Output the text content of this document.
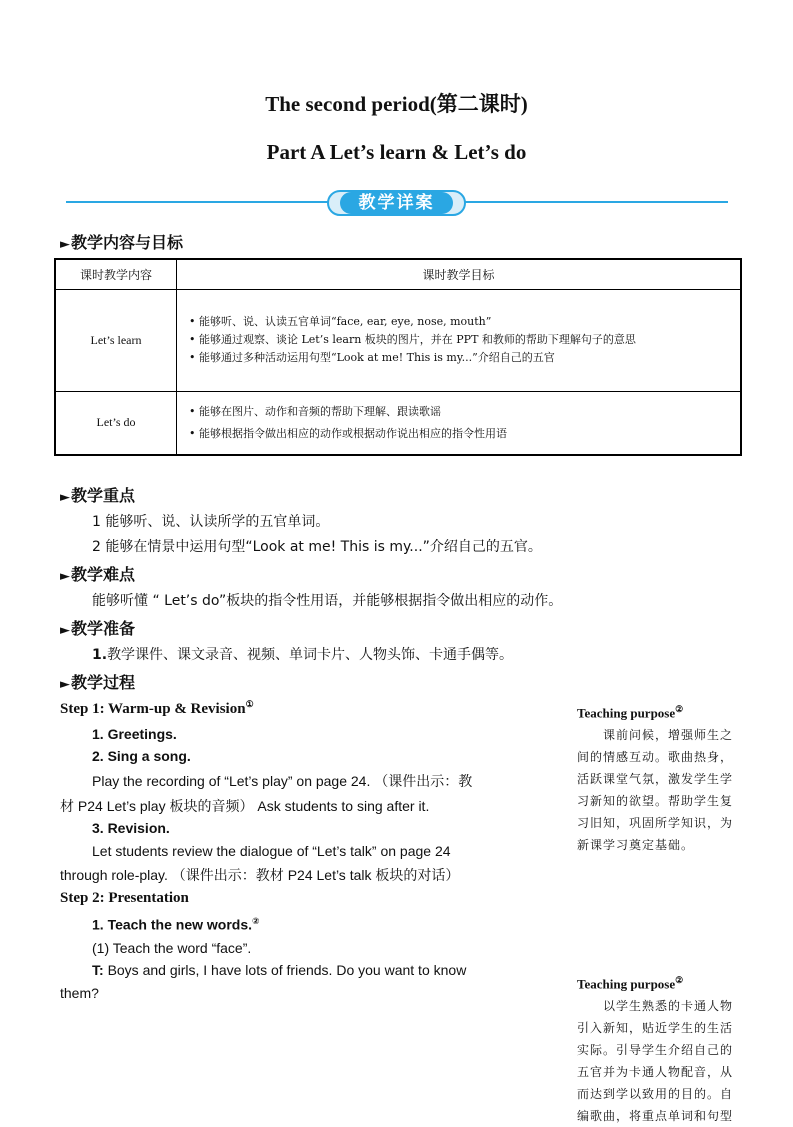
The second period(第二课时)
Part A Let’s learn & Let’s do
教学详案
►教学内容与目标
课时教学内容	课时教学目标
Let’s learn	• 能够听、说、认读五官单词“face, ear, eye, nose, mouth”
• 能够通过观察、谈论 Let’s learn 板块的图片，并在 PPT 和教师的帮助下理解句子的意思
• 能够通过多种活动运用句型“Look at me! This is my...”介绍自己的五官

Let’s do	• 能够在图片、动作和音频的帮助下理解、跟读歌谣
• 能够根据指令做出相应的动作或根据动作说出相应的指令性用语
►教学重点
1 能够听、说、认读所学的五官单词。
2 能够在情景中运用句型“Look at me! This is my...”介绍自己的五官。
►教学难点
能够听懂 “ Let’s do”板块的指令性用语，并能够根据指令做出相应的动作。
►教学准备
1.教学课件、课文录音、视频、单词卡片、人物头饰、卡通手偶等。
►教学过程
Step 1: Warm-up & Revision①
1. Greetings.
2. Sing a song.
Play the recording of “Let’s play” on page 24. （课件出示：教
材 P24 Let’s play 板块的音频） Ask students to sing after it.
3. Revision.
Let students review the dialogue of “Let’s talk” on page 24
through role-play. （课件出示：教材 P24 Let’s talk 板块的对话）
Step 2: Presentation
1. Teach the new words.②
(1) Teach the word “face”.
T: Boys and girls, I have lots of friends. Do you want to know
them?
Teaching purpose②
课前问候，增强师生之
间的情感互动。歌曲热身，
活跃课堂气氛，激发学生学
习新知的欲望。帮助学生复
习旧知，巩固所学知识，为
新课学习奠定基础。
Teaching purpose②
以学生熟悉的卡通人物
引入新知，贴近学生的生活
实际。引导学生介绍自己的
五官并为卡通人物配音，从
而达到学以致用的目的。自
编歌曲，将重点单词和句型
